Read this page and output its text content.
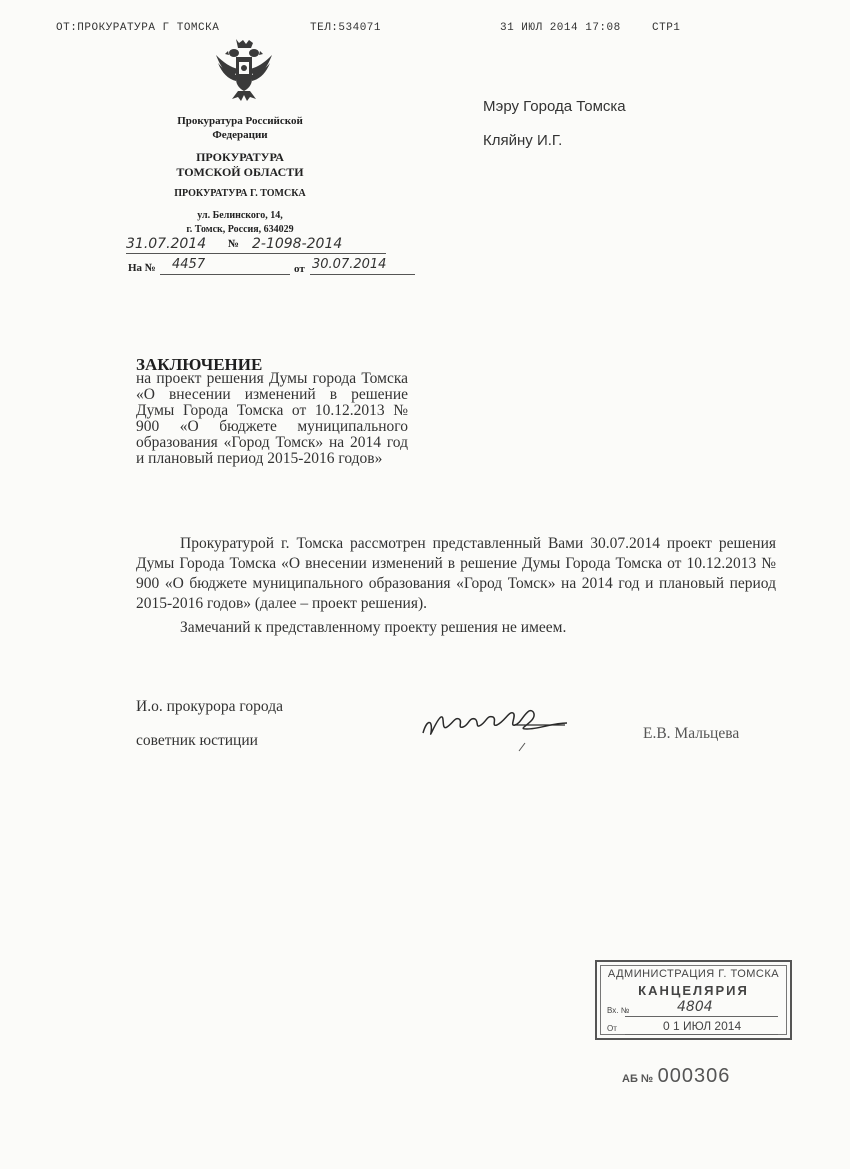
ОТ:ПРОКУРАТУРА Г ТОМСКА	ТЕЛ:534071	31 ИЮЛ 2014 17:08	СТР1
Прокуратура Российской
Федерации
ПРОКУРАТУРА
ТОМСКОЙ ОБЛАСТИ
ПРОКУРАТУРА Г. ТОМСКА
ул. Белинского, 14,
г. Томск, Россия, 634029
31.07.2014 № 2-1098-2014
На № 4457	от 30.07.2014
Мэру Города Томска
Кляйну И.Г.
ЗАКЛЮЧЕНИЕ
на проект решения Думы города Томска «О внесении изменений в решение Думы Города Томска от 10.12.2013 № 900 «О бюджете муниципального образования «Город Томск» на 2014 год и плановый период 2015-2016 годов»

Прокуратурой г. Томска рассмотрен представленный Вами 30.07.2014 проект решения Думы Города Томска «О внесении изменений в решение Думы Города Томска от 10.12.2013 № 900 «О бюджете муниципального образования «Город Томск» на 2014 год и плановый период 2015-2016 годов» (далее – проект решения).

Замечаний к представленному проекту решения не имеем.

И.о. прокурора города
советник юстиции	Е.В. Мальцева
АДМИНИСТРАЦИЯ Г. ТОМСКА
КАНЦЕЛЯРИЯ
Вх. №	4804
От	0 1 ИЮЛ 2014
АБ № 000306
